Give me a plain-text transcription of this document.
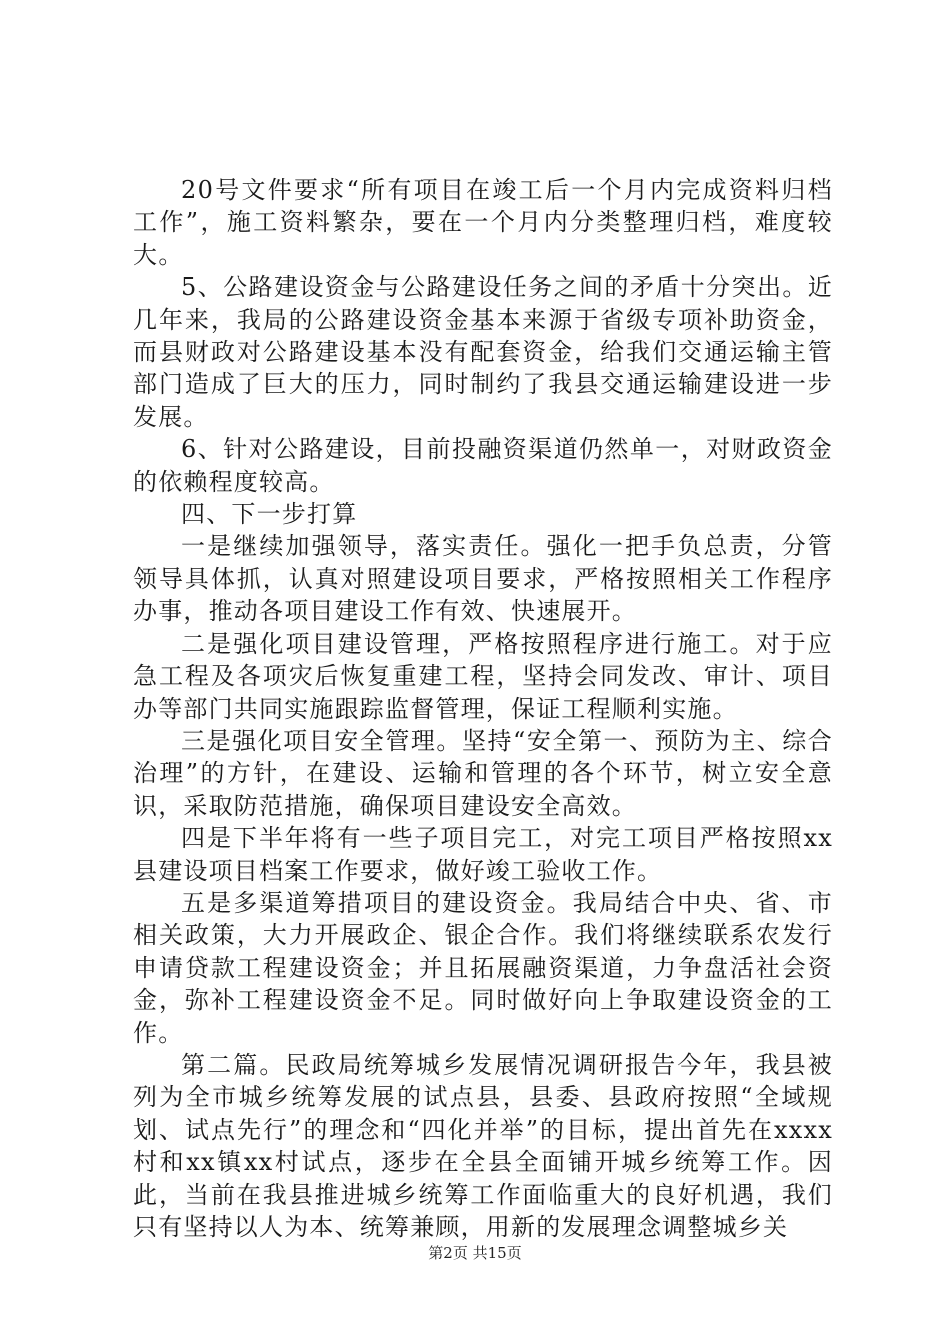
20号文件要求“所有项目在竣工后一个月内完成资料归档工作”，施工资料繁杂，要在一个月内分类整理归档，难度较大。

5、公路建设资金与公路建设任务之间的矛盾十分突出。近几年来，我局的公路建设资金基本来源于省级专项补助资金，而县财政对公路建设基本没有配套资金，给我们交通运输主管部门造成了巨大的压力，同时制约了我县交通运输建设进一步发展。

6、针对公路建设，目前投融资渠道仍然单一，对财政资金的依赖程度较高。

四、下一步打算

一是继续加强领导，落实责任。强化一把手负总责，分管领导具体抓，认真对照建设项目要求，严格按照相关工作程序办事，推动各项目建设工作有效、快速展开。

二是强化项目建设管理，严格按照程序进行施工。对于应急工程及各项灾后恢复重建工程，坚持会同发改、审计、项目办等部门共同实施跟踪监督管理，保证工程顺利实施。

三是强化项目安全管理。坚持“安全第一、预防为主、综合治理”的方针，在建设、运输和管理的各个环节，树立安全意识，采取防范措施，确保项目建设安全高效。

四是下半年将有一些子项目完工，对完工项目严格按照xx县建设项目档案工作要求，做好竣工验收工作。

五是多渠道筹措项目的建设资金。我局结合中央、省、市相关政策，大力开展政企、银企合作。我们将继续联系农发行申请贷款工程建设资金；并且拓展融资渠道，力争盘活社会资金，弥补工程建设资金不足。同时做好向上争取建设资金的工作。

第二篇。民政局统筹城乡发展情况调研报告今年，我县被列为全市城乡统筹发展的试点县，县委、县政府按照“全域规划、试点先行”的理念和“四化并举”的目标，提出首先在xxxx村和xx镇xx村试点，逐步在全县全面铺开城乡统筹工作。因此，当前在我县推进城乡统筹工作面临重大的良好机遇，我们只有坚持以人为本、统筹兼顾，用新的发展理念调整城乡关

第2页 共15页
